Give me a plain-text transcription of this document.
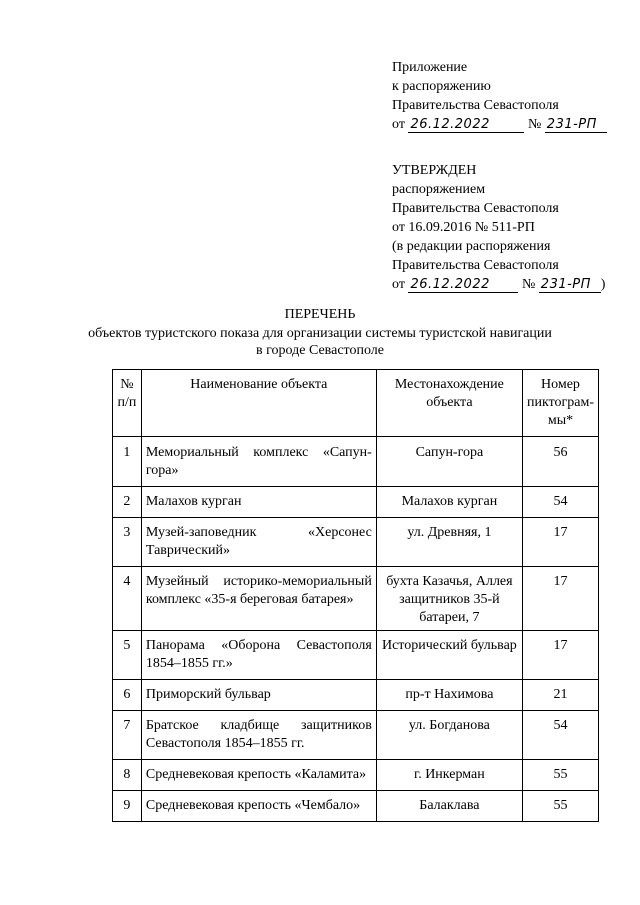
Приложение
к распоряжению
Правительства Севастополя
от 26.12.2022	№ 231-РП
УТВЕРЖДЕН
распоряжением
Правительства Севастополя
от 16.09.2016 № 511-РП
(в редакции распоряжения
Правительства Севастополя
от 26.12.2022 № 231-РП )
ПЕРЕЧЕНЬ
объектов туристского показа для организации системы туристской навигации
в городе Севастополе
№ п/п	Наименование объекта	Местонахождение объекта	Номер пиктограм-мы*
1	Мемориальный комплекс «Сапун-гора»	Сапун-гора	56
2	Малахов курган	Малахов курган	54
3	Музей-заповедник «Херсонес Таврический»	ул. Древняя, 1	17
4	Музейный историко-мемориальный комплекс «35-я береговая батарея»	бухта Казачья, Аллея защитников 35-й батареи, 7	17
5	Панорама «Оборона Севастополя 1854–1855 гг.»	Исторический бульвар	17
6	Приморский бульвар	пр-т Нахимова	21
7	Братское кладбище защитников Севастополя 1854–1855 гг.	ул. Богданова	54
8	Средневековая крепость «Каламита»	г. Инкерман	55
9	Средневековая крепость «Чембало»	Балаклава	55
